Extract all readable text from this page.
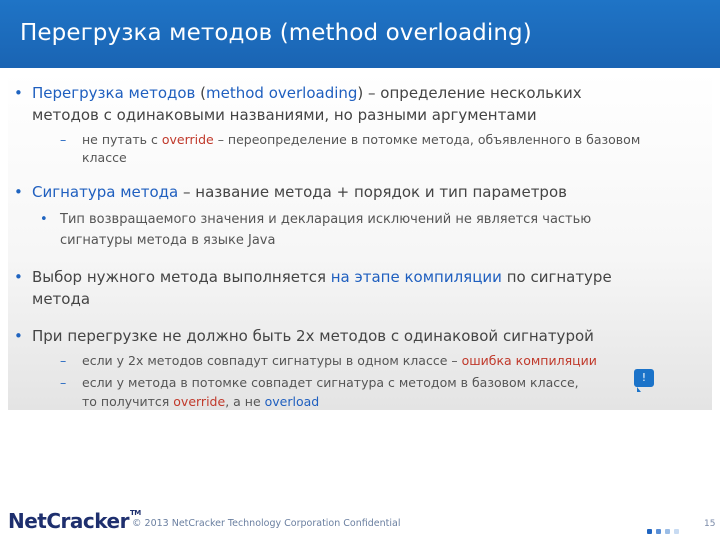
Перегрузка методов (method overloading)
• Перегрузка методов (method overloading) – определение нескольких
методов с одинаковыми названиями, но разными аргументами
– не путать с override – переопределение в потомке метода, объявленного в базовом
классе
• Сигнатура метода – название метода + порядок и тип параметров
• Тип возвращаемого значения и декларация исключений не является частью
сигнатуры метода в языке Java
• Выбор нужного метода выполняется на этапе компиляции по сигнатуре
метода
• При перегрузке не должно быть 2х методов с одинаковой сигнатурой
– если у 2х методов совпадут сигнатуры в одном классе – ошибка компиляции
– если у метода в потомке совпадет сигнатура с методом в базовом классе,
то получится override, а не overload
!
NetCracker™
© 2013 NetCracker Technology Corporation Confidential	15
